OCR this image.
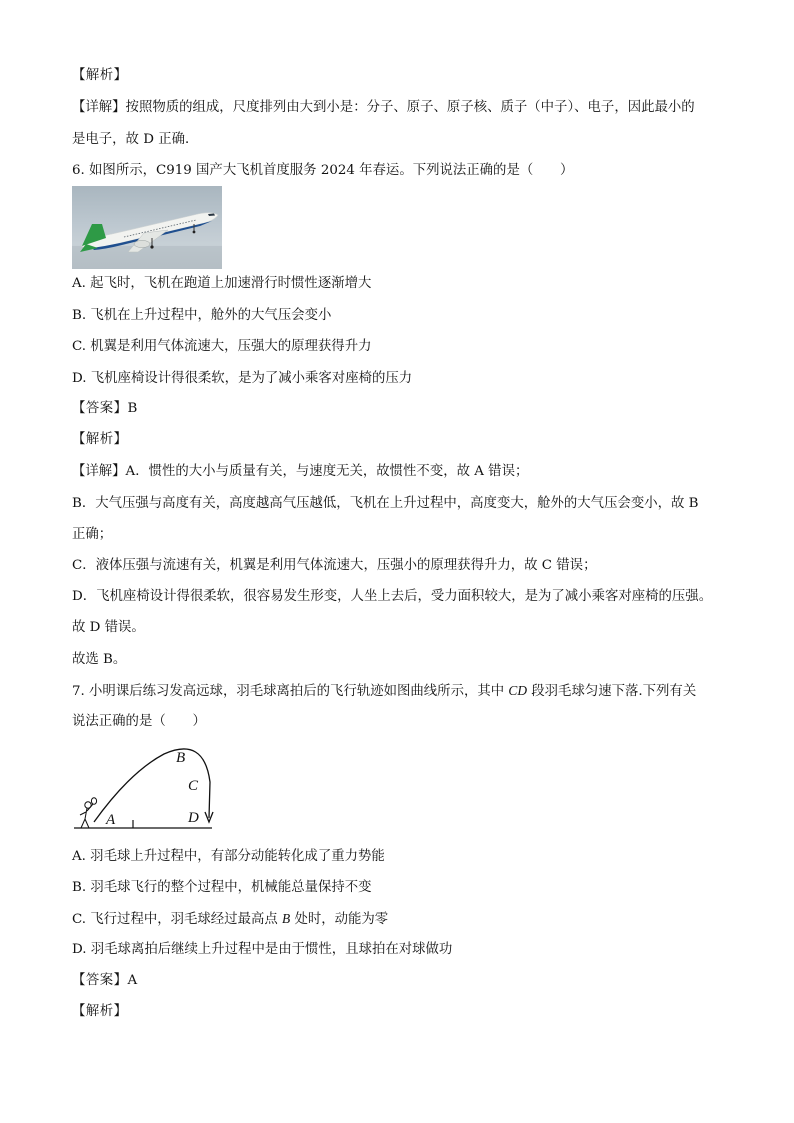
【解析】
【详解】按照物质的组成，尺度排列由大到小是：分子、原子、原子核、质子（中子）、电子，因此最小的
是电子，故 D 正确．
6. 如图所示，C919 国产大飞机首度服务 2024 年春运。下列说法正确的是（　　）
A. 起飞时，飞机在跑道上加速滑行时惯性逐渐增大
B. 飞机在上升过程中，舱外的大气压会变小
C. 机翼是利用气体流速大，压强大的原理获得升力
D. 飞机座椅设计得很柔软，是为了减小乘客对座椅的压力
【答案】B
【解析】
【详解】A．惯性的大小与质量有关，与速度无关，故惯性不变，故 A 错误；
B．大气压强与高度有关，高度越高气压越低，飞机在上升过程中，高度变大，舱外的大气压会变小，故 B
正确；
C．液体压强与流速有关，机翼是利用气体流速大，压强小的原理获得升力，故 C 错误；
D．飞机座椅设计得很柔软，很容易发生形变，人坐上去后，受力面积较大，是为了减小乘客对座椅的压强。
故 D 错误。
故选 B。
7. 小明课后练习发高远球，羽毛球离拍后的飞行轨迹如图曲线所示，其中 CD 段羽毛球匀速下落.下列有关
说法正确的是（　　）
B
C
A	D
A. 羽毛球上升过程中，有部分动能转化成了重力势能
B. 羽毛球飞行的整个过程中，机械能总量保持不变
C. 飞行过程中，羽毛球经过最高点 B 处时，动能为零
D. 羽毛球离拍后继续上升过程中是由于惯性，且球拍在对球做功
【答案】A
【解析】
